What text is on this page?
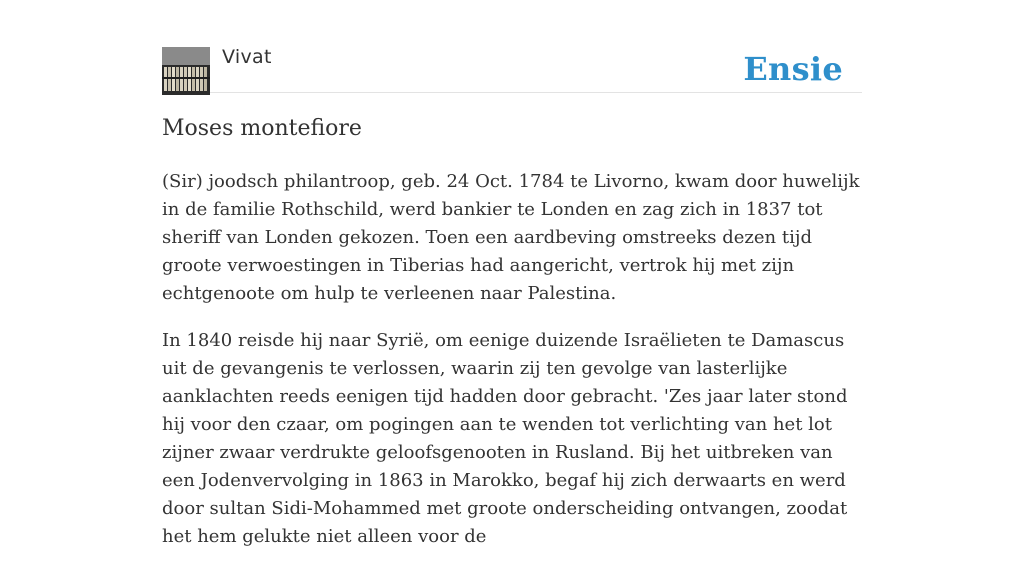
Vivat	Ensie
Moses montefiore

(Sir) joodsch philantroop, geb. 24 Oct. 1784 te Livorno, kwam door huwelijk in de familie Rothschild, werd bankier te Londen en zag zich in 1837 tot sheriff van Londen gekozen. Toen een aardbeving omstreeks dezen tijd groote verwoestingen in Tiberias had aangericht, vertrok hij met zijn echtgenoote om hulp te verleenen naar Palestina.

In 1840 reisde hij naar Syrië, om eenige duizende Israëlieten te Damascus uit de gevangenis te verlossen, waarin zij ten gevolge van lasterlijke aanklachten reeds eenigen tijd hadden door gebracht. 'Zes jaar later stond hij voor den czaar, om pogingen aan te wenden tot verlichting van het lot zijner zwaar verdrukte geloofsgenooten in Rusland. Bij het uitbreken van een Jodenvervolging in 1863 in Marokko, begaf hij zich derwaarts en werd door sultan Sidi-Mohammed met groote onderscheiding ontvangen, zoodat het hem gelukte niet alleen voor de
